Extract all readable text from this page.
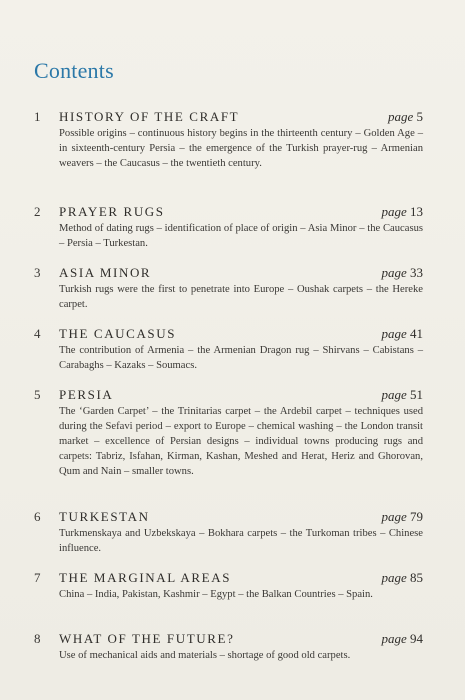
Contents
1 HISTORY OF THE CRAFT	page 5
Possible origins – continuous history begins in the thirteenth century – Golden Age – in sixteenth-century Persia – the emergence of the Turkish prayer-rug – Armenian weavers – the Caucasus – the twentieth century.
2 PRAYER RUGS	page 13
Method of dating rugs – identification of place of origin – Asia Minor – the Caucasus – Persia – Turkestan.
3 ASIA MINOR	page 33
Turkish rugs were the first to penetrate into Europe – Oushak carpets – the Hereke carpet.
4 THE CAUCASUS	page 41
The contribution of Armenia – the Armenian Dragon rug – Shirvans – Cabistans – Carabaghs – Kazaks – Soumacs.
5 PERSIA	page 51
The ‘Garden Carpet’ – the Trinitarias carpet – the Ardebil carpet – techniques used during the Sefavi period – export to Europe – chemical washing – the London transit market – excellence of Persian designs – individual towns producing rugs and carpets: Tabriz, Isfahan, Kirman, Kashan, Meshed and Herat, Heriz and Ghorovan, Qum and Nain – smaller towns.
6 TURKESTAN	page 79
Turkmenskaya and Uzbekskaya – Bokhara carpets – the Turkoman tribes – Chinese influence.
7 THE MARGINAL AREAS	page 85
China – India, Pakistan, Kashmir – Egypt – the Balkan Countries – Spain.
8 WHAT OF THE FUTURE?	page 94
Use of mechanical aids and materials – shortage of good old carpets.
